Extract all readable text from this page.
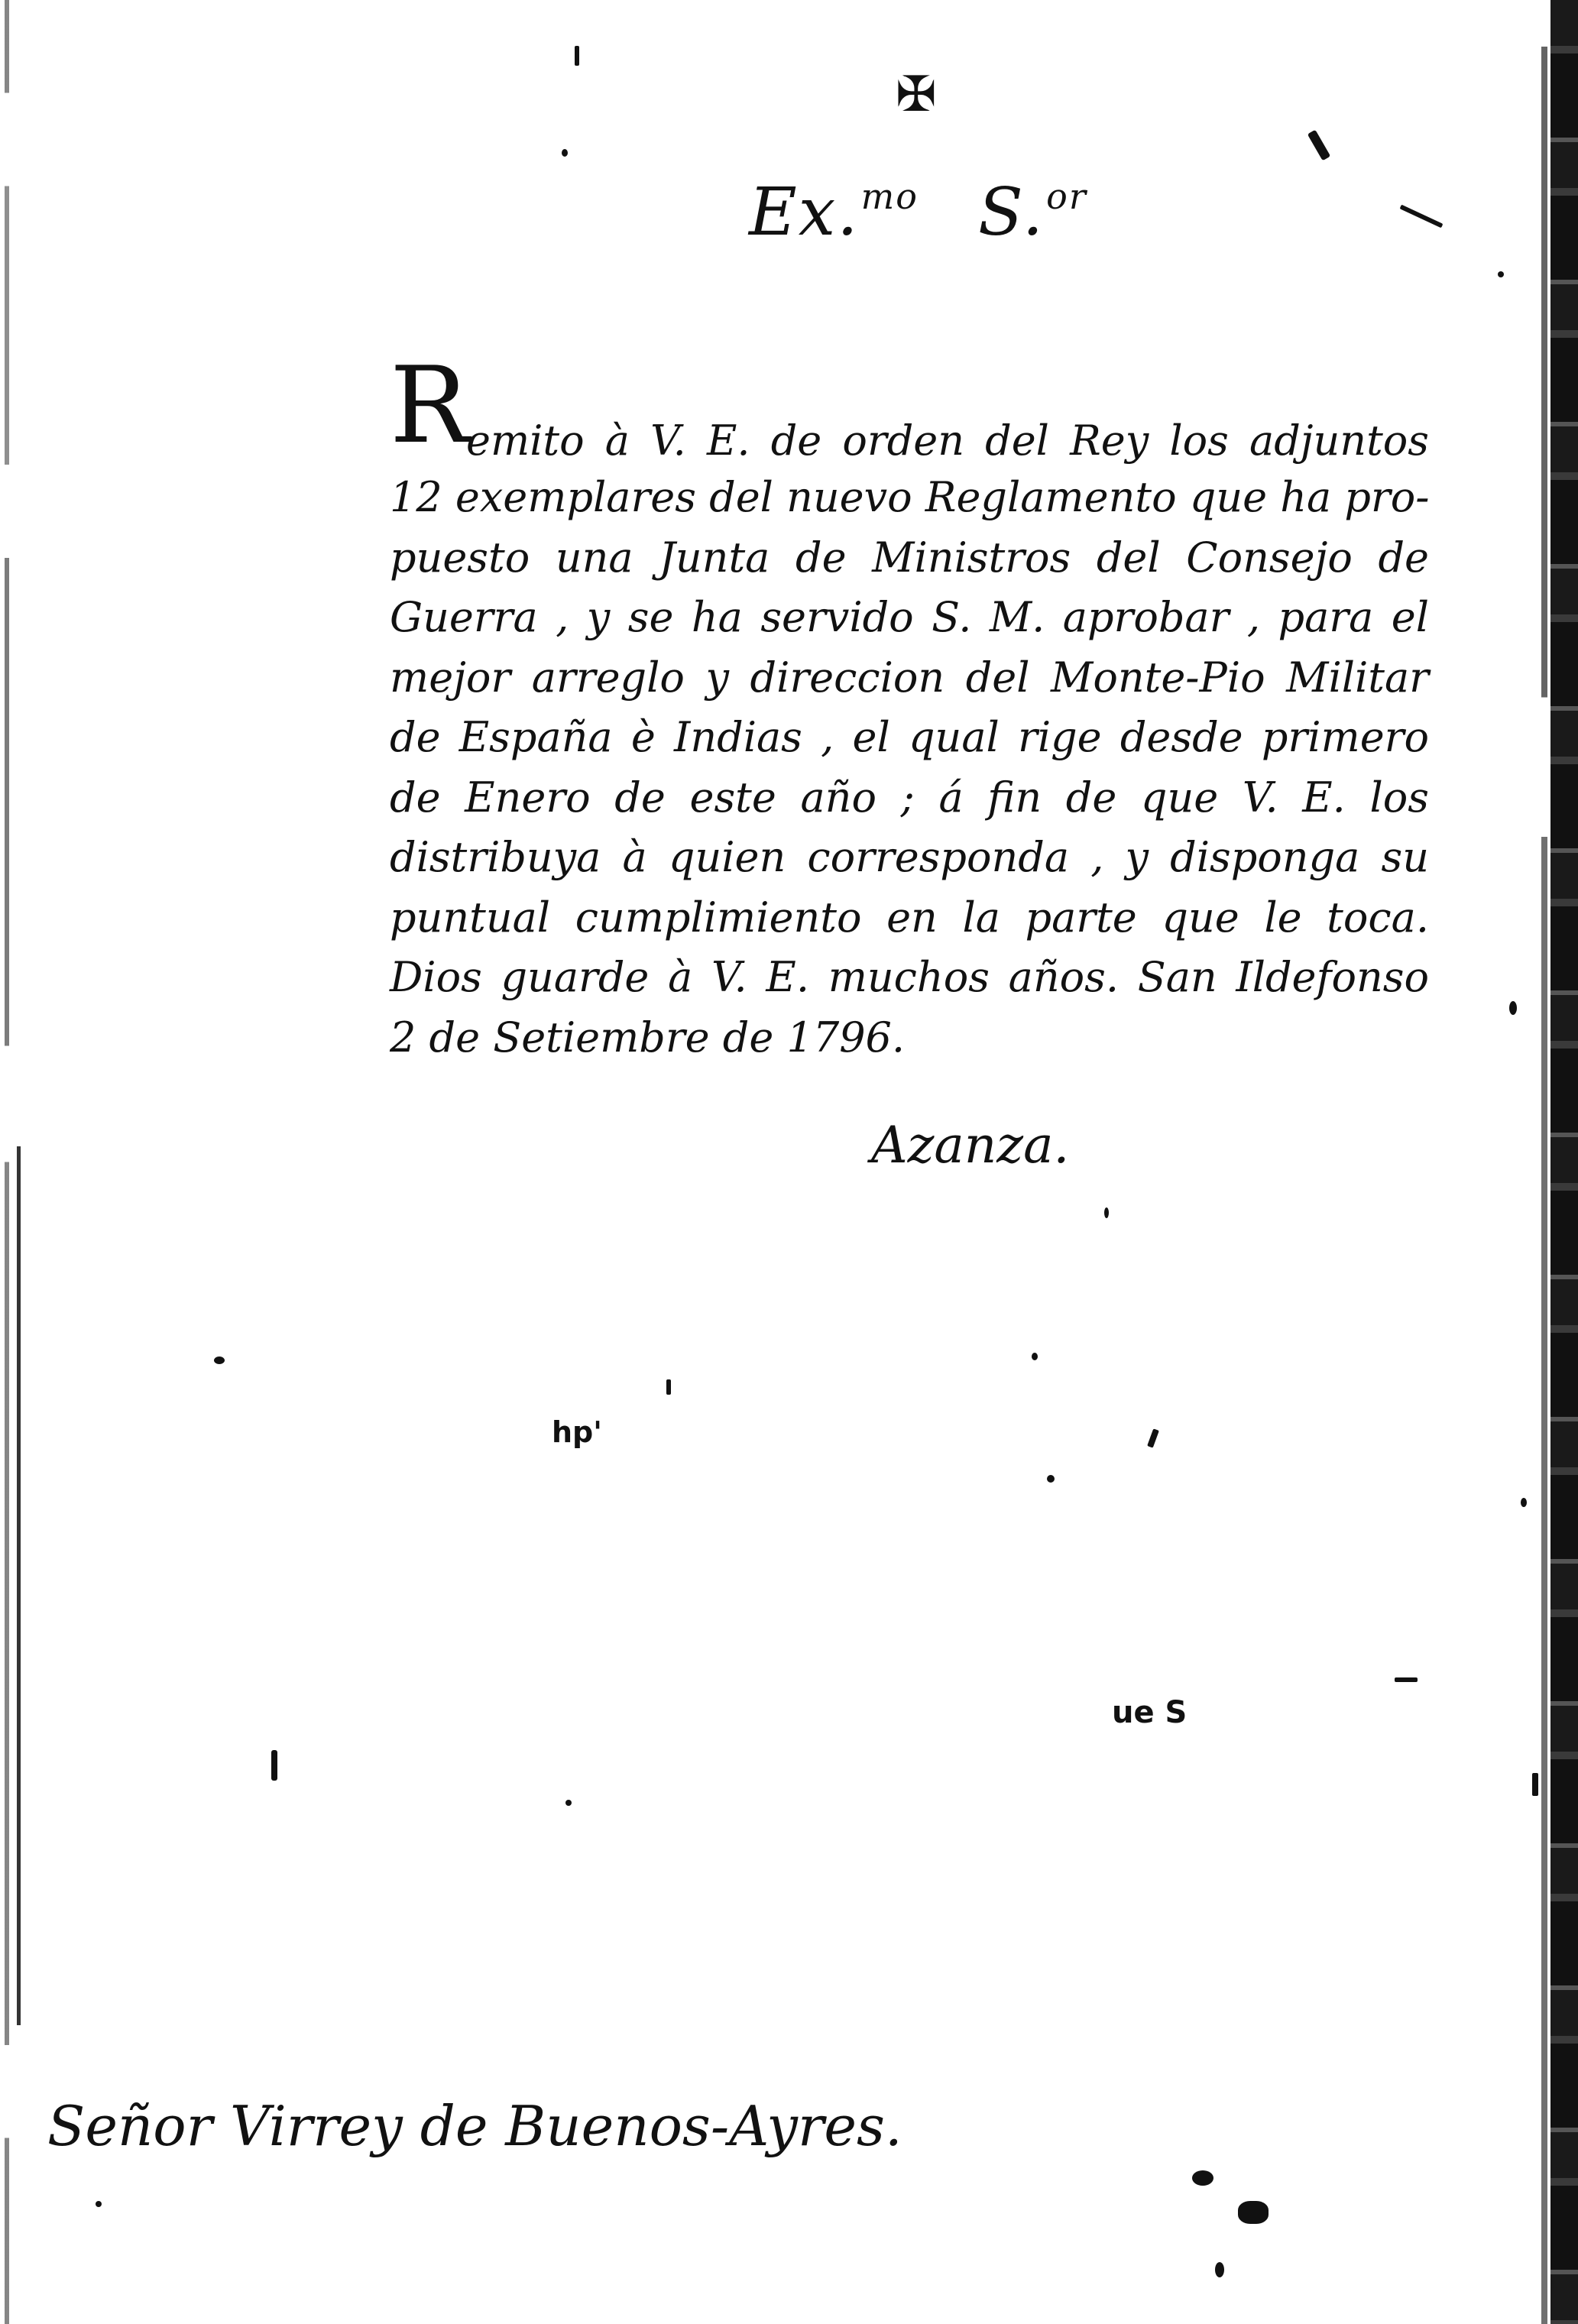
ue S
hp'
✠
Ex.$^{mo}$ S.$^{or}$
R
emito à V. E. de orden del Rey los adjuntos
12 exemplares del nuevo Reglamento que ha pro-
puesto una Junta de Ministros del Consejo de
Guerra , y se ha servido S. M. aprobar , para el
mejor arreglo y direccion del Monte-Pio Militar
de España è Indias , el qual rige desde primero
de Enero de este año ; á fin de que V. E. los
distribuya à quien corresponda , y disponga su
puntual cumplimiento en la parte que le toca.
Dios guarde à V. E. muchos años. San Ildefonso
2 de Setiembre de 1796.
Azanza.
Señor Virrey de Buenos-Ayres.
